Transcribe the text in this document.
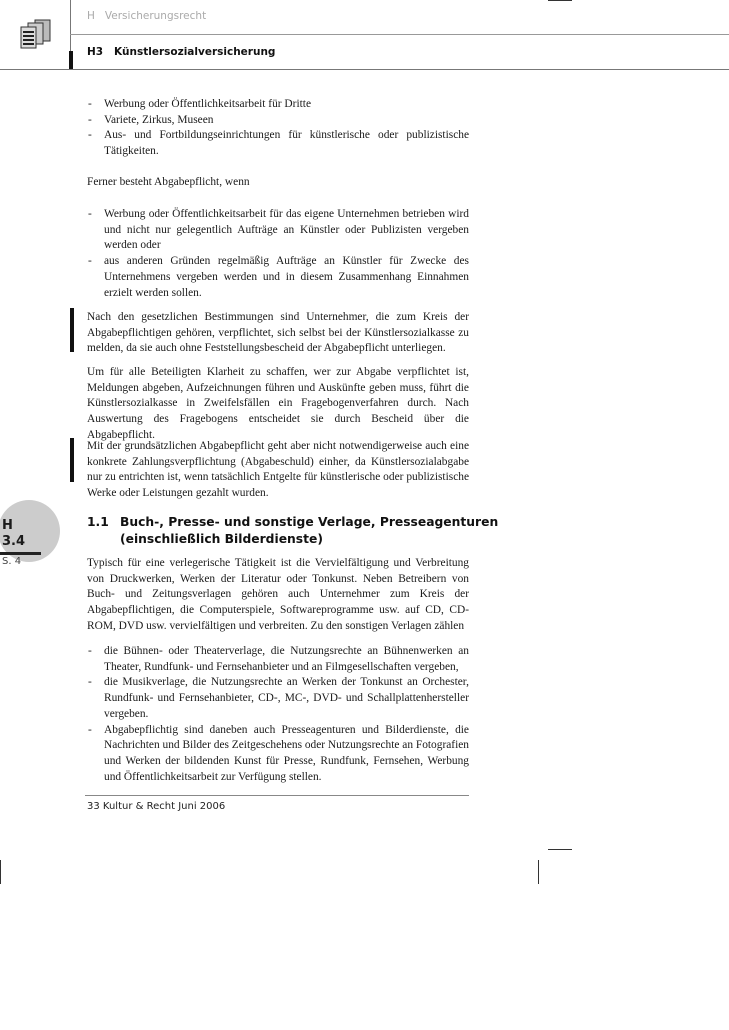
H   Versicherungsrecht
H3   Künstlersozialversicherung
- Werbung oder Öffentlichkeitsarbeit für Dritte
- Variete, Zirkus, Museen
- Aus- und Fortbildungseinrichtungen für künstlerische oder publizistische Tätigkeiten.

Ferner besteht Abgabepflicht, wenn

- Werbung oder Öffentlichkeitsarbeit für das eigene Unternehmen betrieben wird und nicht nur gelegentlich Aufträge an Künstler oder Publizisten vergeben werden oder
- aus anderen Gründen regelmäßig Aufträge an Künstler für Zwecke des Unternehmens vergeben werden und in diesem Zusammenhang Einnahmen erzielt werden sollen.

Nach den gesetzlichen Bestimmungen sind Unternehmer, die zum Kreis der Abgabepflichtigen gehören, verpflichtet, sich selbst bei der Künstlersozialkasse zu melden, da sie auch ohne Feststellungsbescheid der Abgabepflicht unterliegen.

Um für alle Beteiligten Klarheit zu schaffen, wer zur Abgabe verpflichtet ist, Meldungen abgeben, Aufzeichnungen führen und Auskünfte geben muss, führt die Künstlersozialkasse in Zweifelsfällen ein Fragebogenverfahren durch. Nach Auswertung des Fragebogens entscheidet sie durch Bescheid über die Abgabepflicht.

Mit der grundsätzlichen Abgabepflicht geht aber nicht notwendigerweise auch eine konkrete Zahlungsverpflichtung (Abgabeschuld) einher, da Künstlersozialabgabe nur zu entrichten ist, wenn tatsächlich Entgelte für künstlerische oder publizistische Werke oder Leistungen gezahlt wurden.

H
3.4
S. 4
1.1 Buch-, Presse- und sonstige Verlage, Presseagenturen
(einschließlich Bilderdienste)

Typisch für eine verlegerische Tätigkeit ist die Vervielfältigung und Verbreitung von Druckwerken, Werken der Literatur oder Tonkunst. Neben Betreibern von Buch- und Zeitungsverlagen gehören auch Unternehmer zum Kreis der Abgabepflichtigen, die Computerspiele, Softwareprogramme usw. auf CD, CD-ROM, DVD usw. vervielfältigen und verbreiten. Zu den sonstigen Verlagen zählen

- die Bühnen- oder Theaterverlage, die Nutzungsrechte an Bühnenwerken an Theater, Rundfunk- und Fernsehanbieter und an Filmgesellschaften vergeben,
- die Musikverlage, die Nutzungsrechte an Werken der Tonkunst an Orchester, Rundfunk- und Fernsehanbieter, CD-, MC-, DVD- und Schallplattenhersteller vergeben.
- Abgabepflichtig sind daneben auch Presseagenturen und Bilderdienste, die Nachrichten und Bilder des Zeitgeschehens oder Nutzungsrechte an Fotografien und Werken der bildenden Kunst für Presse, Rundfunk, Fernsehen, Werbung und Öffentlichkeitsarbeit zur Verfügung stellen.
33 Kultur & Recht Juni 2006
